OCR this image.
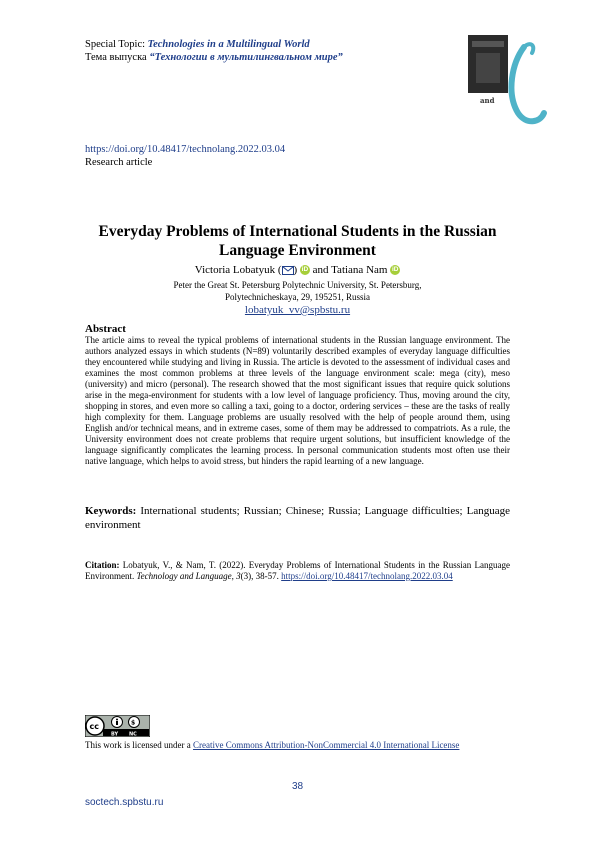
Special Topic: Technologies in a Multilingual World
Тема выпуска “Технологии в мультилингвальном мире”
and
https://doi.org/10.48417/technolang.2022.03.04
Research article
Everyday Problems of International Students in the Russian Language Environment
Victoria Lobatyuk ( ) iD and Tatiana Nam iD
Peter the Great St. Petersburg Polytechnic University, St. Petersburg,
Polytechnicheskaya, 29, 195251, Russia
lobatyuk_vv@spbstu.ru
Abstract
The article aims to reveal the typical problems of international students in the Russian language environment. The authors analyzed essays in which students (N=89) voluntarily described examples of everyday language difficulties they encountered while studying and living in Russia. The article is devoted to the assessment of individual cases and examines the most common problems at three levels of the language environment scale: mega (city), meso (university) and micro (personal). The research showed that the most significant issues that require quick solutions arise in the mega-environment for students with a low level of language proficiency. Thus, moving around the city, shopping in stores, and even more so calling a taxi, going to a doctor, ordering services – these are the tasks of really high complexity for them. Language problems are usually resolved with the help of people around them, using English and/or technical means, and in extreme cases, some of them may be addressed to compatriots. As a rule, the University environment does not create problems that require urgent solutions, but insufficient knowledge of the language significantly complicates the learning process. In personal communication students most often use their native language, which helps to avoid stress, but hinders the rapid learning of a new language.
Keywords: International students; Russian; Chinese; Russia; Language difficulties; Language environment
Citation: Lobatyuk, V., & Nam, T. (2022). Everyday Problems of International Students in the Russian Language Environment. Technology and Language, 3(3), 38-57. https://doi.org/10.48417/technolang.2022.03.04
cc	$
BY NC
This work is licensed under a Creative Commons Attribution-NonCommercial 4.0 International License
38
soctech.spbstu.ru
